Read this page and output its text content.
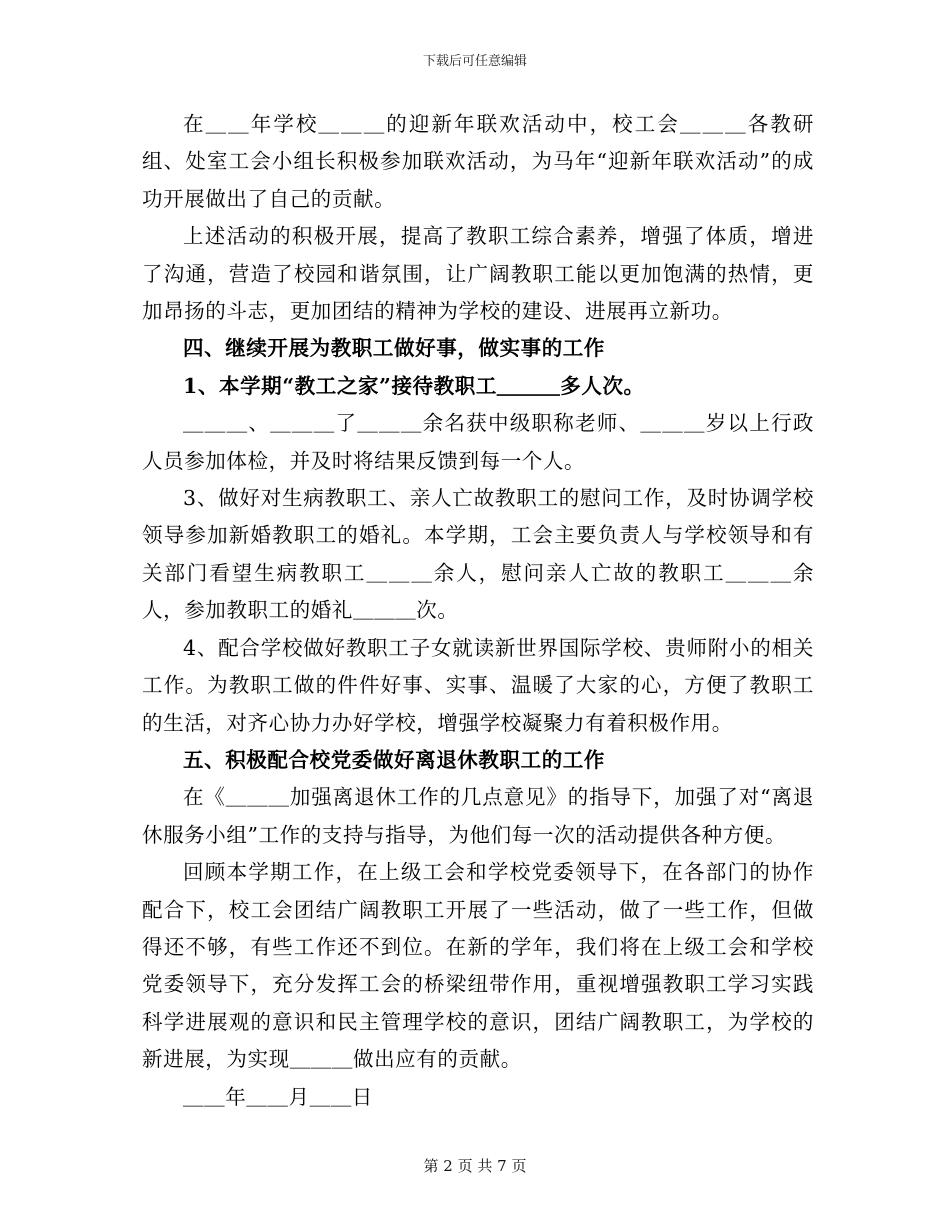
下载后可任意编辑

在＿＿年学校＿＿＿的迎新年联欢活动中，校工会＿＿＿各教研组、处室工会小组长积极参加联欢活动，为马年“迎新年联欢活动”的成功开展做出了自己的贡献。

上述活动的积极开展，提高了教职工综合素养，增强了体质，增进了沟通，营造了校园和谐氛围，让广阔教职工能以更加饱满的热情，更加昂扬的斗志，更加团结的精神为学校的建设、进展再立新功。

四、继续开展为教职工做好事，做实事的工作

1、本学期“教工之家”接待教职工＿＿＿多人次。

＿＿＿、＿＿＿了＿＿＿余名获中级职称老师、＿＿＿岁以上行政人员参加体检，并及时将结果反馈到每一个人。

3、做好对生病教职工、亲人亡故教职工的慰问工作，及时协调学校领导参加新婚教职工的婚礼。本学期，工会主要负责人与学校领导和有关部门看望生病教职工＿＿＿余人，慰问亲人亡故的教职工＿＿＿余人，参加教职工的婚礼＿＿＿次。

4、配合学校做好教职工子女就读新世界国际学校、贵师附小的相关工作。为教职工做的件件好事、实事、温暖了大家的心，方便了教职工的生活，对齐心协力办好学校，增强学校凝聚力有着积极作用。

五、积极配合校党委做好离退休教职工的工作

在《＿＿＿加强离退休工作的几点意见》的指导下，加强了对“离退休服务小组”工作的支持与指导，为他们每一次的活动提供各种方便。

回顾本学期工作，在上级工会和学校党委领导下，在各部门的协作配合下，校工会团结广阔教职工开展了一些活动，做了一些工作，但做得还不够，有些工作还不到位。在新的学年，我们将在上级工会和学校党委领导下，充分发挥工会的桥梁纽带作用，重视增强教职工学习实践科学进展观的意识和民主管理学校的意识，团结广阔教职工，为学校的新进展，为实现＿＿＿做出应有的贡献。

＿＿年＿＿月＿＿日

第 2 页 共 7 页
